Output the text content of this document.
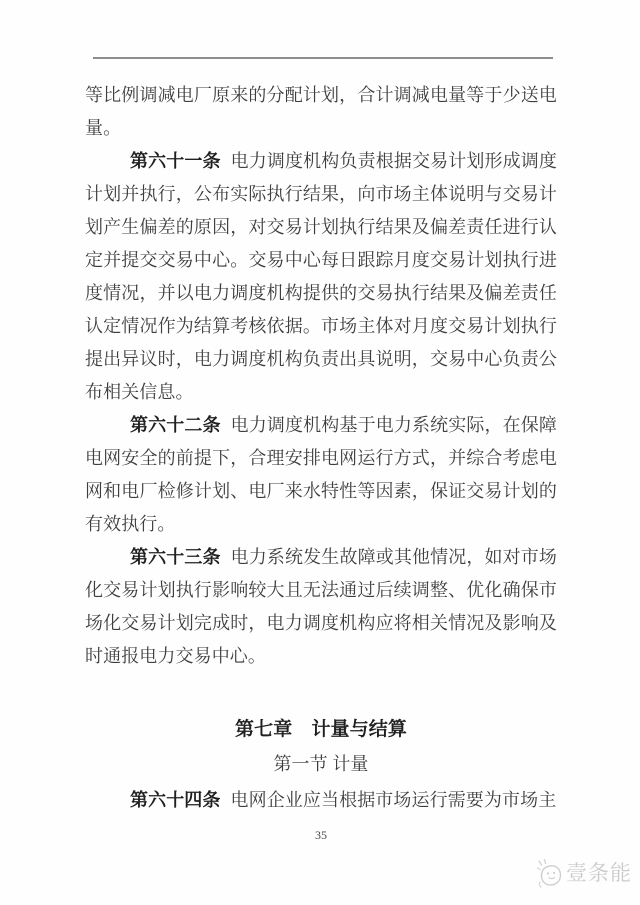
等比例调减电厂原来的分配计划，合计调减电量等于少送电量。

第六十一条 电力调度机构负责根据交易计划形成调度计划并执行，公布实际执行结果，向市场主体说明与交易计划产生偏差的原因，对交易计划执行结果及偏差责任进行认定并提交交易中心。交易中心每日跟踪月度交易计划执行进度情况，并以电力调度机构提供的交易执行结果及偏差责任认定情况作为结算考核依据。市场主体对月度交易计划执行提出异议时，电力调度机构负责出具说明，交易中心负责公布相关信息。

第六十二条 电力调度机构基于电力系统实际，在保障电网安全的前提下，合理安排电网运行方式，并综合考虑电网和电厂检修计划、电厂来水特性等因素，保证交易计划的有效执行。

第六十三条 电力系统发生故障或其他情况，如对市场化交易计划执行影响较大且无法通过后续调整、优化确保市场化交易计划完成时，电力调度机构应将相关情况及影响及时通报电力交易中心。

第七章　计量与结算
第一节 计量

第六十四条 电网企业应当根据市场运行需要为市场主

35
壹条能
